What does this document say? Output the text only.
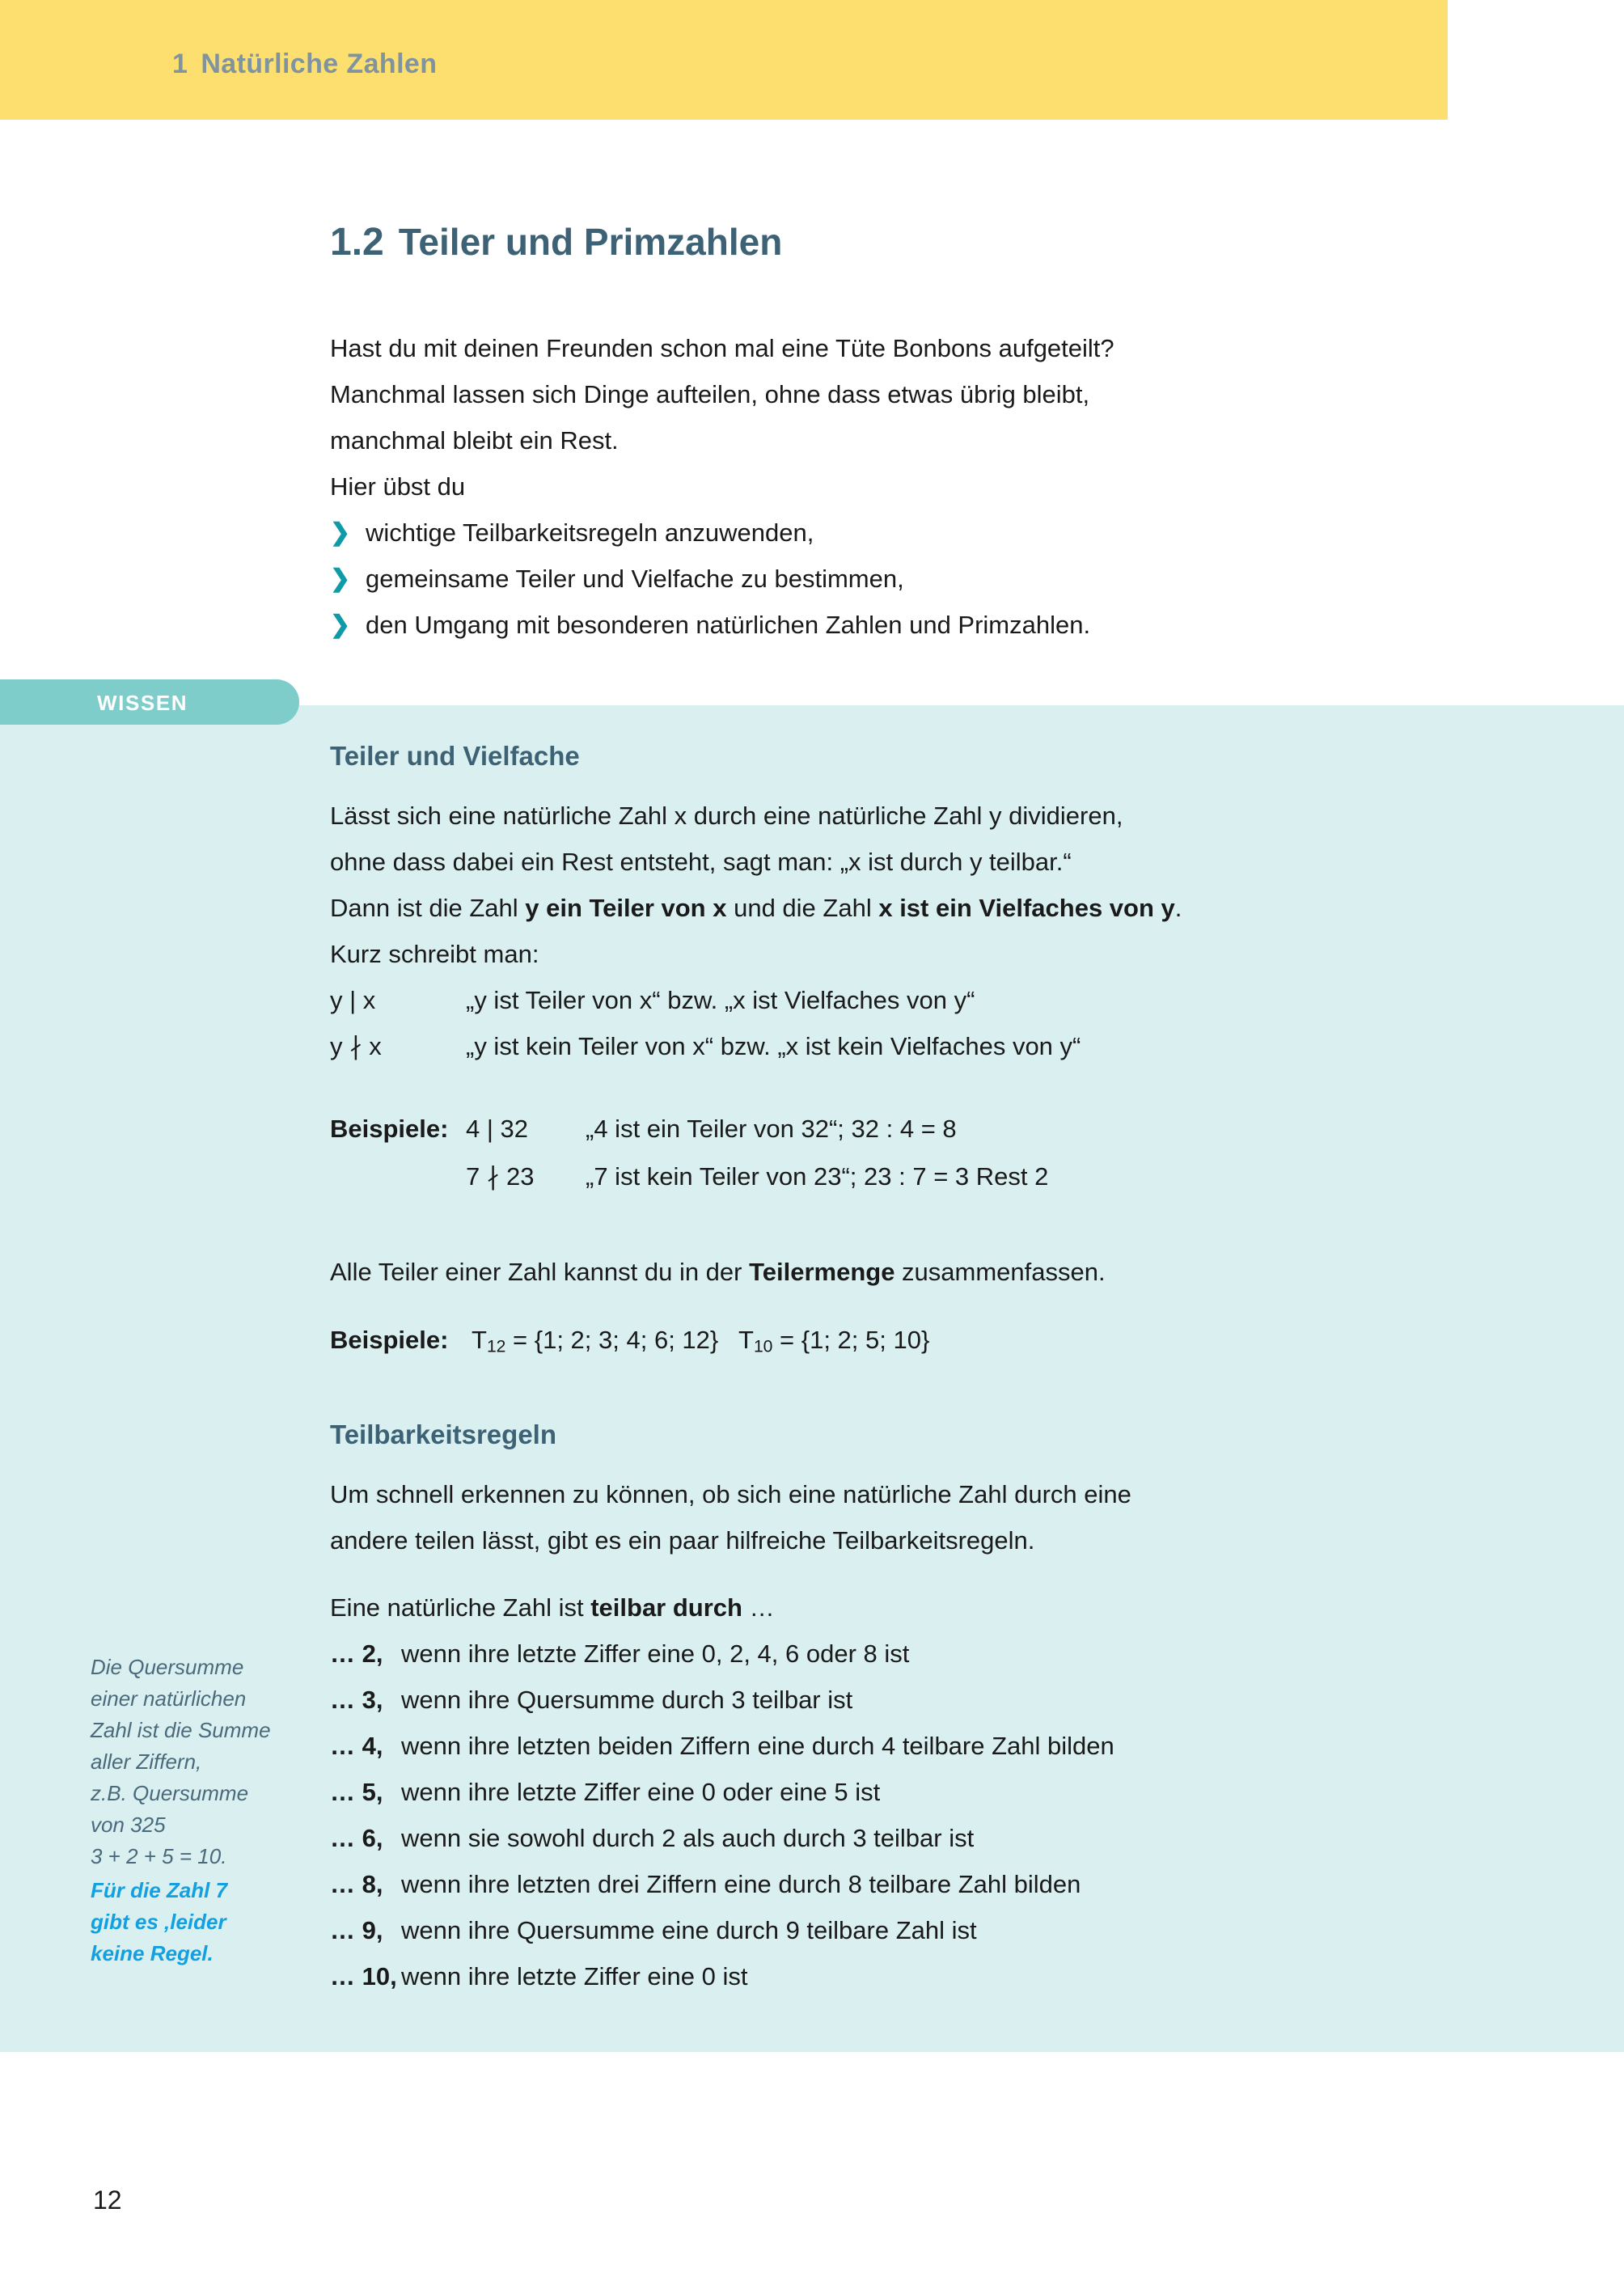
1 Natürliche Zahlen
1.2 Teiler und Primzahlen

Hast du mit deinen Freunden schon mal eine Tüte Bonbons aufgeteilt?

Manchmal lassen sich Dinge aufteilen, ohne dass etwas übrig bleibt,

manchmal bleibt ein Rest.

Hier übst du

❯ wichtige Teilbarkeitsregeln anzuwenden,
❯ gemeinsame Teiler und Vielfache zu bestimmen,
❯ den Umgang mit besonderen natürlichen Zahlen und Primzahlen.
Teiler und Vielfache
Lässt sich eine natürliche Zahl x durch eine natürliche Zahl y dividieren,
ohne dass dabei ein Rest entsteht, sagt man: „x ist durch y teilbar.“
Dann ist die Zahl y ein Teiler von x und die Zahl x ist ein Vielfaches von y.
Kurz schreibt man:
y | x	„y ist Teiler von x“ bzw. „x ist Vielfaches von y“
y ∤ x	„y ist kein Teiler von x“ bzw. „x ist kein Vielfaches von y“
Beispiele: 4 | 32	„4 ist ein Teiler von 32“; 32 : 4 = 8
7 ∤ 23	„7 ist kein Teiler von 23“; 23 : 7 = 3 Rest 2
Alle Teiler einer Zahl kannst du in der Teilermenge zusammenfassen.
Beispiele: $T_{12} = \{1$; 2; 3; 4; 6; 12} $T_{10} = \{1$; 2; 5; 10}
Teilbarkeitsregeln
Um schnell erkennen zu können, ob sich eine natürliche Zahl durch eine
andere teilen lässt, gibt es ein paar hilfreiche Teilbarkeitsregeln.
Eine natürliche Zahl ist teilbar durch …
… 2, wenn ihre letzte Ziffer eine 0, 2, 4, 6 oder 8 ist
… 3, wenn ihre Quersumme durch 3 teilbar ist
… 4, wenn ihre letzten beiden Ziffern eine durch 4 teilbare Zahl bilden
… 5, wenn ihre letzte Ziffer eine 0 oder eine 5 ist
… 6, wenn sie sowohl durch 2 als auch durch 3 teilbar ist
… 8, wenn ihre letzten drei Ziffern eine durch 8 teilbare Zahl bilden
… 9, wenn ihre Quersumme eine durch 9 teilbare Zahl ist
… 10, wenn ihre letzte Ziffer eine 0 ist
WISSEN
Die Quersumme
einer natürlichen
Zahl ist die Summe
aller Ziffern,
z.B. Quersumme
von 325
3 + 2 + 5 = 10.
Für die Zahl 7
gibt es ‚leider
keine Regel.
12
